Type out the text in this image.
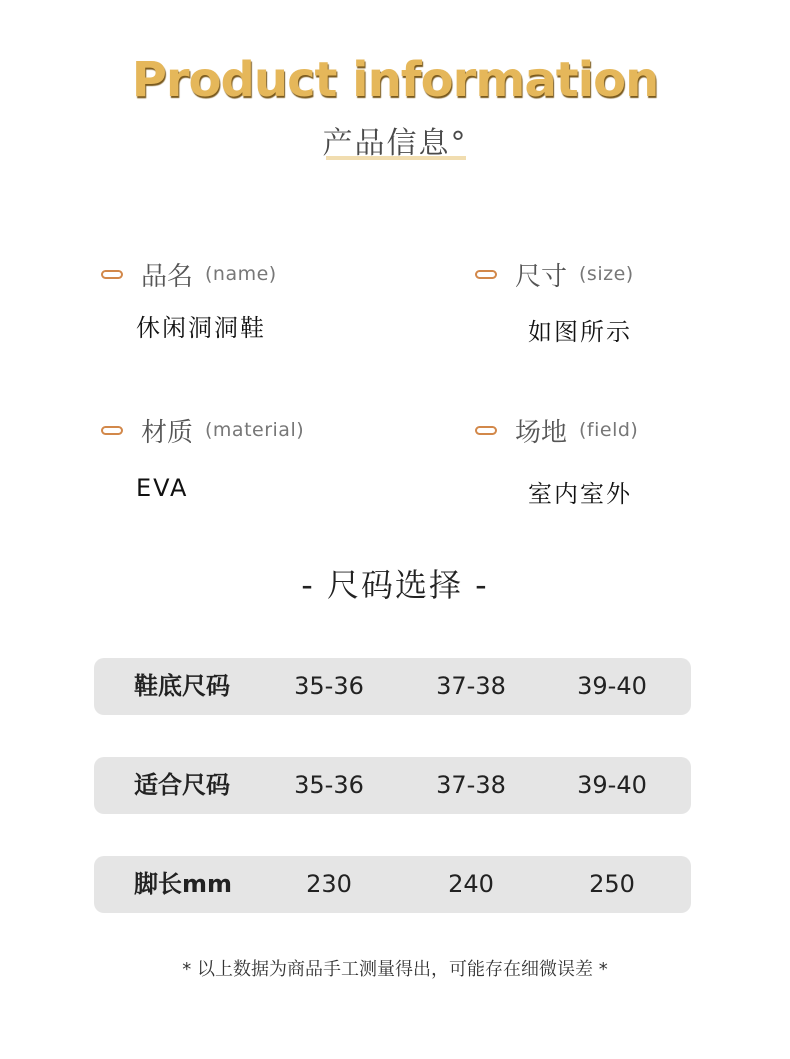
Product information
产品信息°
品名 (name)
休闲洞洞鞋
尺寸 (size)
如图所示
材质 (material)
EVA
场地 (field)
室内室外
- 尺码选择 -
鞋底尺码	35-36	37-38	39-40
适合尺码	35-36	37-38	39-40
脚长mm	230	240	250
* 以上数据为商品手工测量得出，可能存在细微误差 *
